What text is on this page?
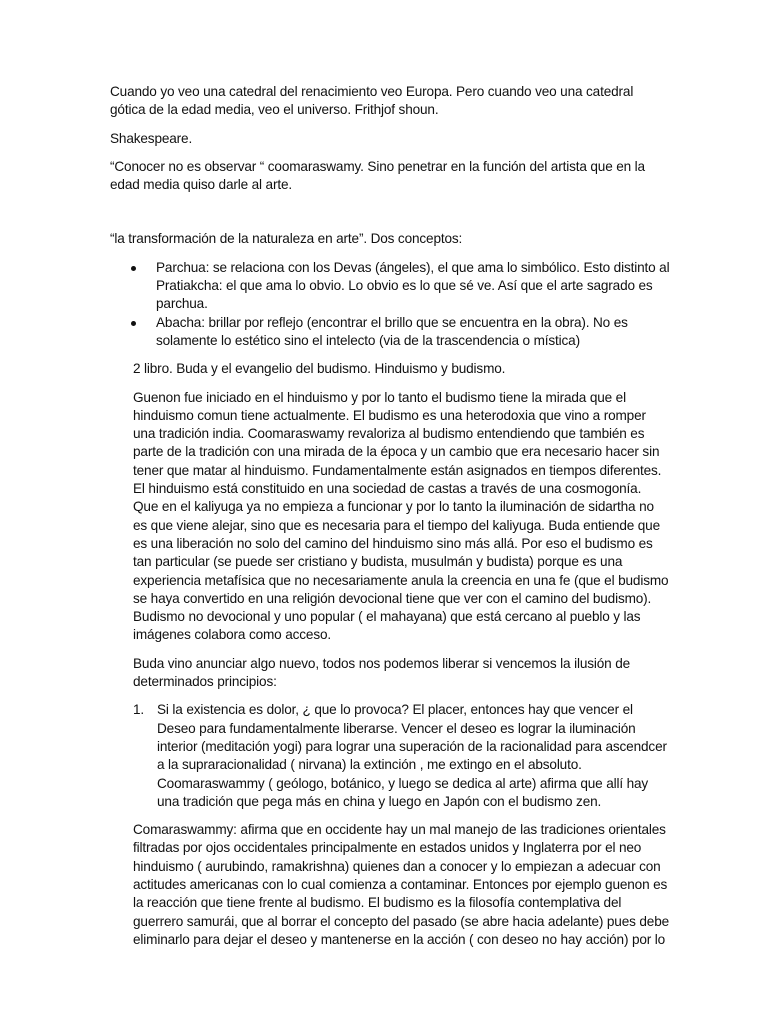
Cuando yo veo una catedral del renacimiento veo Europa. Pero cuando veo una catedral gótica de la edad media, veo el universo. Frithjof shoun.

Shakespeare.

“Conocer no es observar “ coomaraswamy. Sino penetrar en la función del artista que en la edad media quiso darle al arte.

“la transformación de la naturaleza en arte”. Dos conceptos:

Parchua: se relaciona con los Devas (ángeles), el que ama lo simbólico. Esto distinto al Pratiakcha: el que ama lo obvio. Lo obvio es lo que sé ve. Así que el arte sagrado es parchua.
Abacha: brillar por reflejo (encontrar el brillo que se encuentra en la obra). No es solamente lo estético sino el intelecto (via de la trascendencia o mística)

2 libro. Buda y el evangelio del budismo. Hinduismo y budismo.

Guenon fue iniciado en el hinduismo y por lo tanto el budismo tiene la mirada que el hinduismo comun tiene actualmente. El budismo es una heterodoxia que vino a romper una tradición india. Coomaraswamy revaloriza al budismo entendiendo que también es parte de la tradición con una mirada de la época y un cambio que era necesario hacer sin tener que matar al hinduismo. Fundamentalmente están asignados en tiempos diferentes. El hinduismo está constituido en una sociedad de castas a través de una cosmogonía. Que en el kaliyuga ya no empieza a funcionar y por lo tanto la iluminación de sidartha no es que viene alejar, sino que es necesaria para el tiempo del kaliyuga. Buda entiende que es una liberación no solo del camino del hinduismo sino más allá. Por eso el budismo es tan particular (se puede ser cristiano y budista, musulmán y budista) porque es una experiencia metafísica que no necesariamente anula la creencia en una fe (que el budismo se haya convertido en una religión devocional tiene que ver con el camino del budismo). Budismo no devocional y uno popular ( el mahayana) que está cercano al pueblo y las imágenes colabora como acceso.

Buda vino anunciar algo nuevo, todos nos podemos liberar si vencemos la ilusión de determinados principios:

1. Si la existencia es dolor, ¿ que lo provoca? El placer, entonces hay que vencer el Deseo para fundamentalmente liberarse. Vencer el deseo es lograr la iluminación interior (meditación yogi) para lograr una superación de la racionalidad para ascendcer a la supraracionalidad ( nirvana) la extinción , me extingo en el absoluto. Coomaraswammy ( geólogo, botánico, y luego se dedica al arte) afirma que allí hay una tradición que pega más en china y luego en Japón con el budismo zen.

Comaraswammy: afirma que en occidente hay un mal manejo de las tradiciones orientales filtradas por ojos occidentales principalmente en estados unidos y Inglaterra por el neo hinduismo ( aurubindo, ramakrishna) quienes dan a conocer y lo empiezan a adecuar con actitudes americanas con lo cual comienza a contaminar. Entonces por ejemplo guenon es la reacción que tiene frente al budismo. El budismo es la filosofía contemplativa del guerrero samurái, que al borrar el concepto del pasado (se abre hacia adelante) pues debe eliminarlo para dejar el deseo y mantenerse en la acción ( con deseo no hay acción) por lo
